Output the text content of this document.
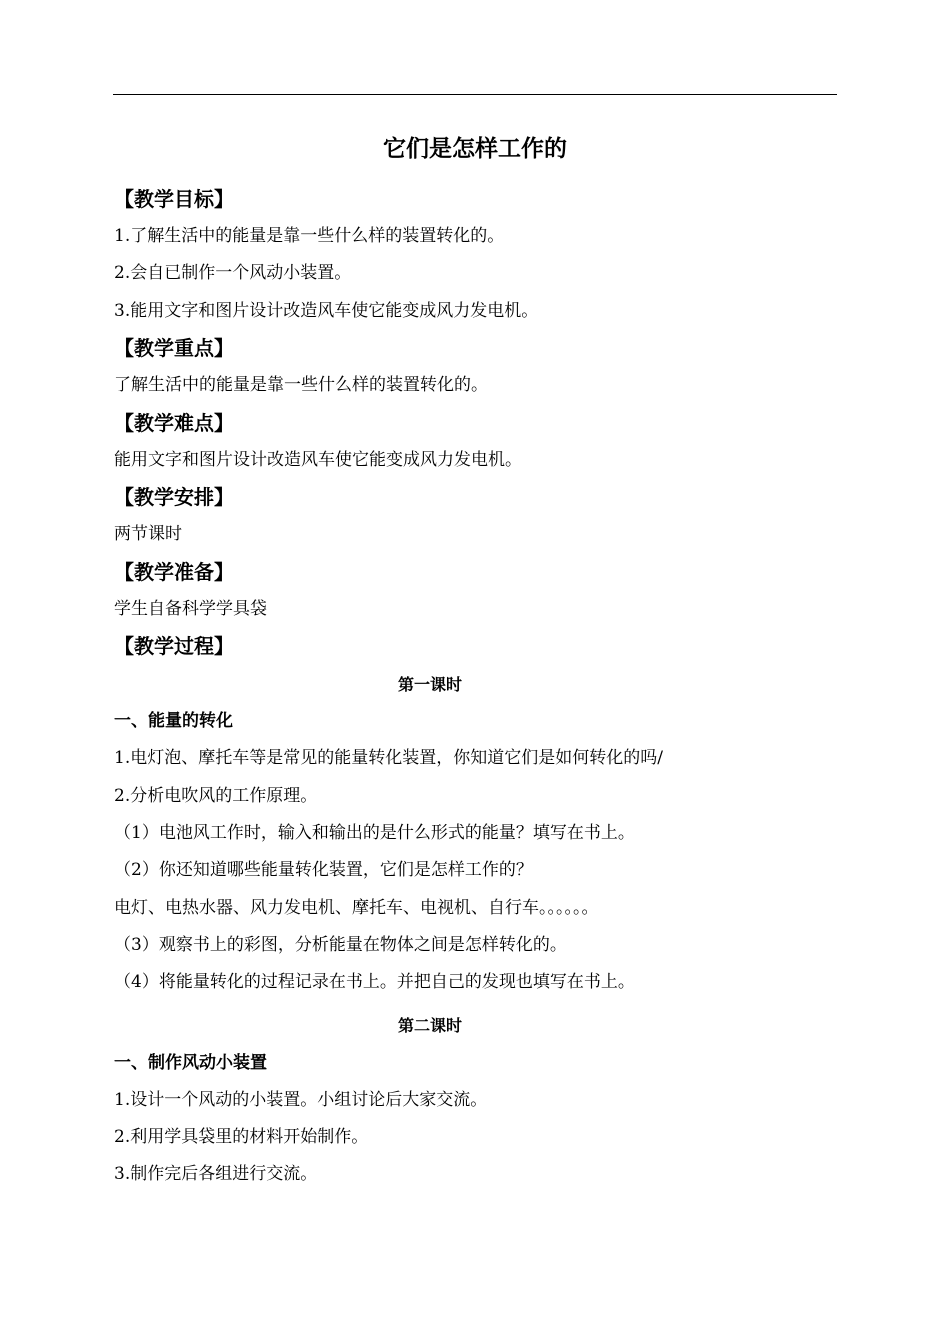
它们是怎样工作的
【教学目标】
1.了解生活中的能量是靠一些什么样的装置转化的。
2.会自已制作一个风动小装置。
3.能用文字和图片设计改造风车使它能变成风力发电机。
【教学重点】
了解生活中的能量是靠一些什么样的装置转化的。
【教学难点】
能用文字和图片设计改造风车使它能变成风力发电机。
【教学安排】
两节课时
【教学准备】
学生自备科学学具袋
【教学过程】
第一课时
一、能量的转化
1.电灯泡、摩托车等是常见的能量转化装置，你知道它们是如何转化的吗/
2.分析电吹风的工作原理。
（1）电池风工作时，输入和输出的是什么形式的能量？填写在书上。
（2）你还知道哪些能量转化装置，它们是怎样工作的？
电灯、电热水器、风力发电机、摩托车、电视机、自行车。。。。。。
（3）观察书上的彩图，分析能量在物体之间是怎样转化的。
（4）将能量转化的过程记录在书上。并把自己的发现也填写在书上。
第二课时
一、制作风动小装置
1.设计一个风动的小装置。小组讨论后大家交流。
2.利用学具袋里的材料开始制作。
3.制作完后各组进行交流。
